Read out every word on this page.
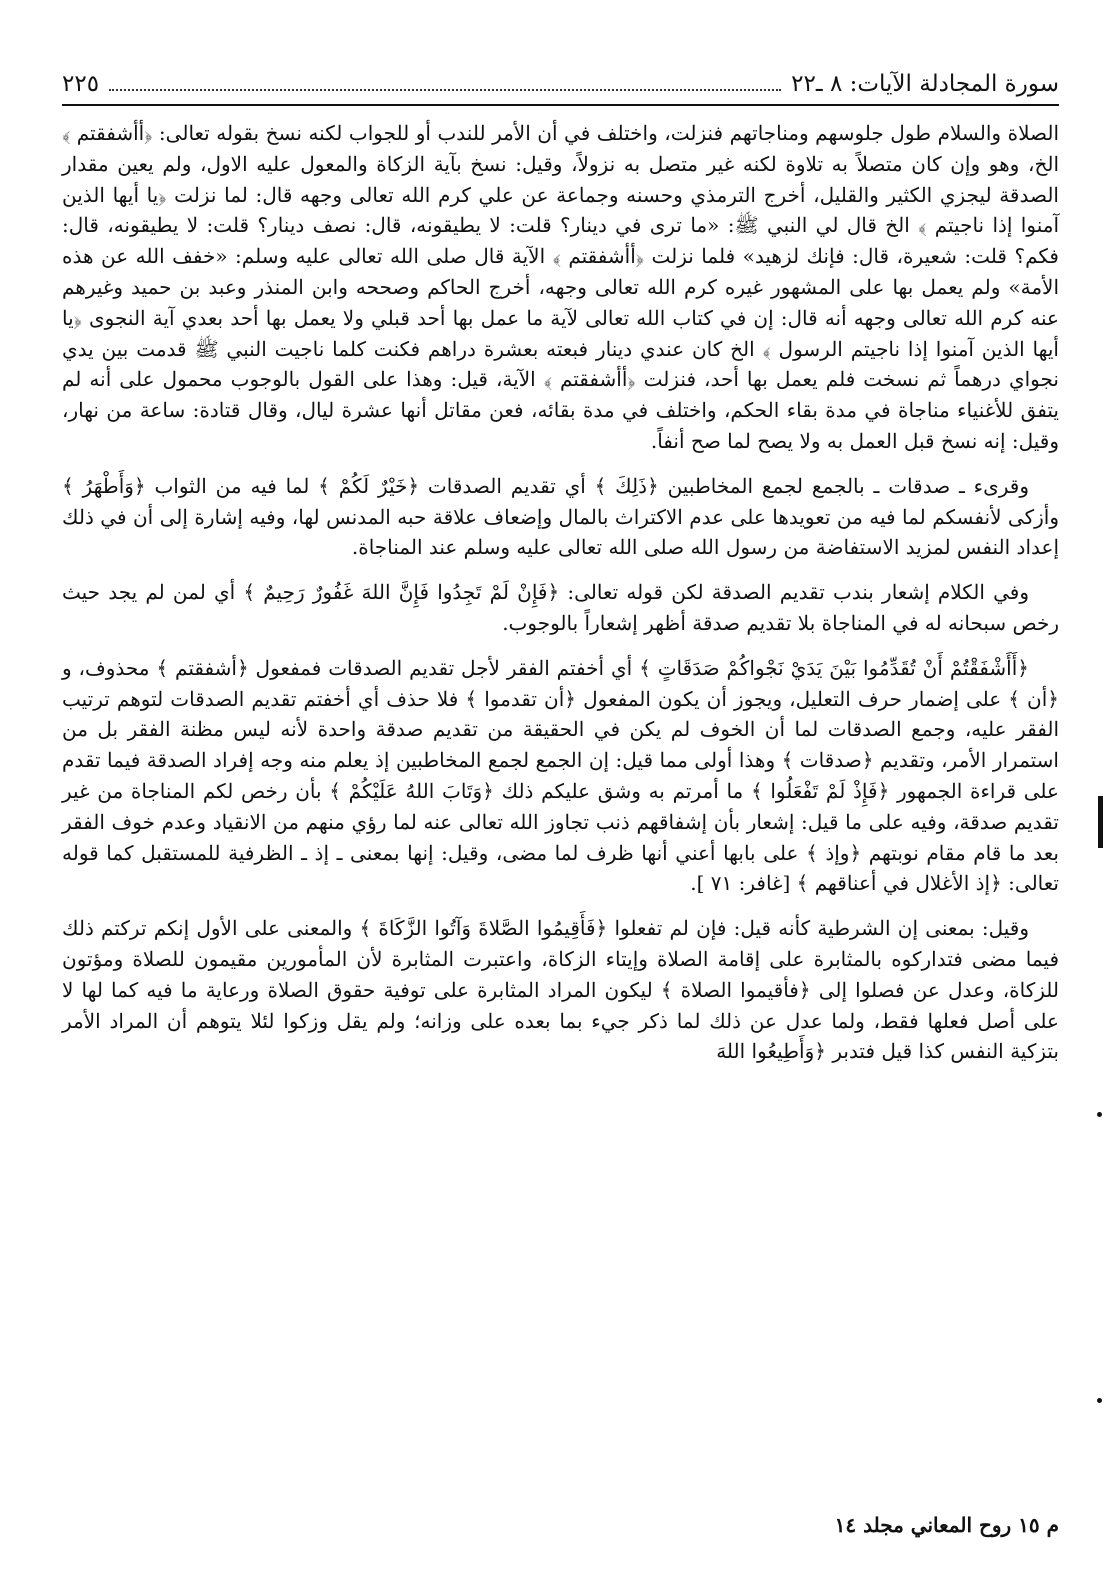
سورة المجادلة الآيات: ٨ ـ٢٢
٢٢٥

الصلاة والسلام طول جلوسهم ومناجاتهم فنزلت، واختلف في أن الأمر للندب أو للجواب لكنه نسخ بقوله تعالى: ﴿أأشفقتم ﴾ الخ، وهو وإن كان متصلاً به تلاوة لكنه غير متصل به نزولاً، وقيل: نسخ بآية الزكاة والمعول عليه الاول، ولم يعين مقدار الصدقة ليجزي الكثير والقليل، أخرج الترمذي وحسنه وجماعة عن علي كرم الله تعالى وجهه قال: لما نزلت ﴿يا أيها الذين آمنوا إذا ناجيتم ﴾ الخ قال لي النبي ﷺ: «ما ترى في دينار؟ قلت: لا يطيقونه، قال: نصف دينار؟ قلت: لا يطيقونه، قال: فكم؟ قلت: شعيرة، قال: فإنك لزهيد» فلما نزلت ﴿أأشفقتم ﴾ الآية قال صلى الله تعالى عليه وسلم: «خفف الله عن هذه الأمة» ولم يعمل بها على المشهور غيره كرم الله تعالى وجهه، أخرج الحاكم وصححه وابن المنذر وعبد بن حميد وغيرهم عنه كرم الله تعالى وجهه أنه قال: إن في كتاب الله تعالى لآية ما عمل بها أحد قبلي ولا يعمل بها أحد بعدي آية النجوى ﴿يا أيها الذين آمنوا إذا ناجيتم الرسول ﴾ الخ كان عندي دينار فبعته بعشرة دراهم فكنت كلما ناجيت النبي ﷺ قدمت بين يدي نجواي درهماً ثم نسخت فلم يعمل بها أحد، فنزلت ﴿أأشفقتم ﴾ الآية، قيل: وهذا على القول بالوجوب محمول على أنه لم يتفق للأغنياء مناجاة في مدة بقاء الحكم، واختلف في مدة بقائه، فعن مقاتل أنها عشرة ليال، وقال قتادة: ساعة من نهار، وقيل: إنه نسخ قبل العمل به ولا يصح لما صح أنفاً.

وقرىء ـ صدقات ـ بالجمع لجمع المخاطبين ﴿ذَلِكَ ﴾ أي تقديم الصدقات ﴿خَيْرٌ لَكُمْ ﴾ لما فيه من الثواب ﴿وَأَطْهَرُ ﴾ وأزكى لأنفسكم لما فيه من تعويدها على عدم الاكتراث بالمال وإضعاف علاقة حبه المدنس لها، وفيه إشارة إلى أن في ذلك إعداد النفس لمزيد الاستفاضة من رسول الله صلى الله تعالى عليه وسلم عند المناجاة.

وفي الكلام إشعار بندب تقديم الصدقة لكن قوله تعالى: ﴿فَإِنْ لَمْ تَجِدُوا فَإِنَّ اللهَ غَفُورٌ رَحِيمٌ ﴾ أي لمن لم يجد حيث رخص سبحانه له في المناجاة بلا تقديم صدقة أظهر إشعاراً بالوجوب.

﴿أَأَشْفَقْتُمْ أَنْ تُقَدِّمُوا بَيْنَ يَدَيْ نَجْواكُمْ صَدَقَاتٍ ﴾ أي أخفتم الفقر لأجل تقديم الصدقات فمفعول ﴿أشفقتم ﴾ محذوف، و ﴿أن ﴾ على إضمار حرف التعليل، ويجوز أن يكون المفعول ﴿أن تقدموا ﴾ فلا حذف أي أخفتم تقديم الصدقات لتوهم ترتيب الفقر عليه، وجمع الصدقات لما أن الخوف لم يكن في الحقيقة من تقديم صدقة واحدة لأنه ليس مظنة الفقر بل من استمرار الأمر، وتقديم ﴿صدقات ﴾ وهذا أولى مما قيل: إن الجمع لجمع المخاطبين إذ يعلم منه وجه إفراد الصدقة فيما تقدم على قراءة الجمهور ﴿فَإِذْ لَمْ تَفْعَلُوا ﴾ ما أمرتم به وشق عليكم ذلك ﴿وَتَابَ اللهُ عَلَيْكُمْ ﴾ بأن رخص لكم المناجاة من غير تقديم صدقة، وفيه على ما قيل: إشعار بأن إشفاقهم ذنب تجاوز الله تعالى عنه لما رؤي منهم من الانقياد وعدم خوف الفقر بعد ما قام مقام نوبتهم ﴿وإذ ﴾ على بابها أعني أنها ظرف لما مضى، وقيل: إنها بمعنى ـ إذ ـ الظرفية للمستقبل كما قوله تعالى: ﴿إذ الأغلال في أعناقهم ﴾ [غافر: ٧١ ].

وقيل: بمعنى إن الشرطية كأنه قيل: فإن لم تفعلوا ﴿فَأَقِيمُوا الصَّلاةَ وَآتُوا الزَّكَاةَ ﴾ والمعنى على الأول إنكم تركتم ذلك فيما مضى فتداركوه بالمثابرة على إقامة الصلاة وإيتاء الزكاة، واعتبرت المثابرة لأن المأمورين مقيمون للصلاة ومؤتون للزكاة، وعدل عن فصلوا إلى ﴿فأقيموا الصلاة ﴾ ليكون المراد المثابرة على توفية حقوق الصلاة ورعاية ما فيه كما لها لا على أصل فعلها فقط، ولما عدل عن ذلك لما ذكر جيء بما بعده على وزانه؛ ولم يقل وزكوا لئلا يتوهم أن المراد الأمر بتزكية النفس كذا قيل فتدبر ﴿وَأَطِيعُوا اللهَ

م ١٥ روح المعاني مجلد ١٤
